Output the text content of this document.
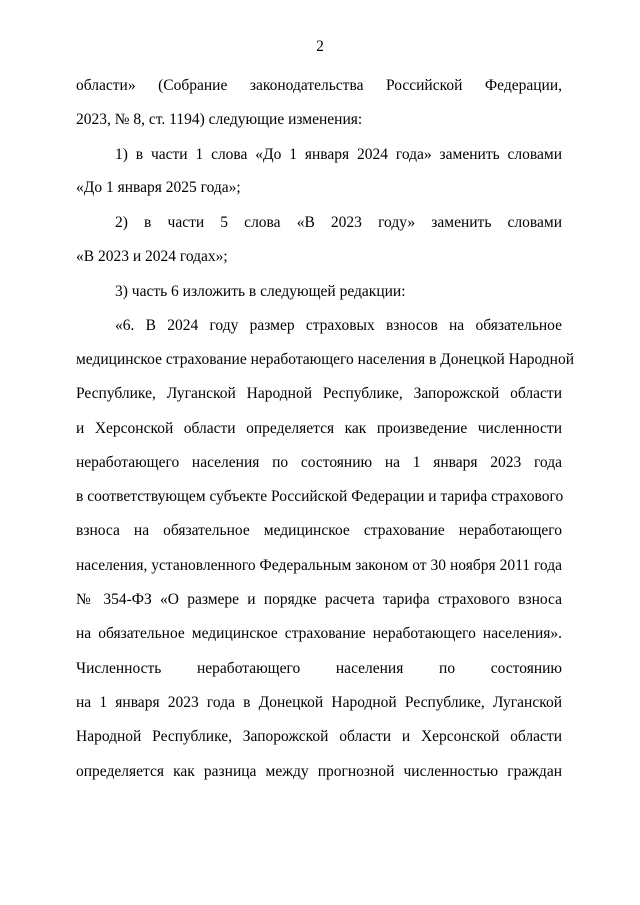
2
области» (Собрание законодательства Российской Федерации,
2023, № 8, ст. 1194) следующие изменения:
1) в части 1 слова «До 1 января 2024 года» заменить словами
«До 1 января 2025 года»;
2) в части 5 слова «В 2023 году» заменить словами
«В 2023 и 2024 годах»;
3) часть 6 изложить в следующей редакции:
«6. В 2024 году размер страховых взносов на обязательное
медицинское страхование неработающего населения в Донецкой Народной
Республике, Луганской Народной Республике, Запорожской области
и Херсонской области определяется как произведение численности
неработающего населения по состоянию на 1 января 2023 года
в соответствующем субъекте Российской Федерации и тарифа страхового
взноса на обязательное медицинское страхование неработающего
населения, установленного Федеральным законом от 30 ноября 2011 года
№ 354-ФЗ «О размере и порядке расчета тарифа страхового взноса
на обязательное медицинское страхование неработающего населения».
Численность неработающего населения по состоянию
на 1 января 2023 года в Донецкой Народной Республике, Луганской
Народной Республике, Запорожской области и Херсонской области
определяется как разница между прогнозной численностью граждан
